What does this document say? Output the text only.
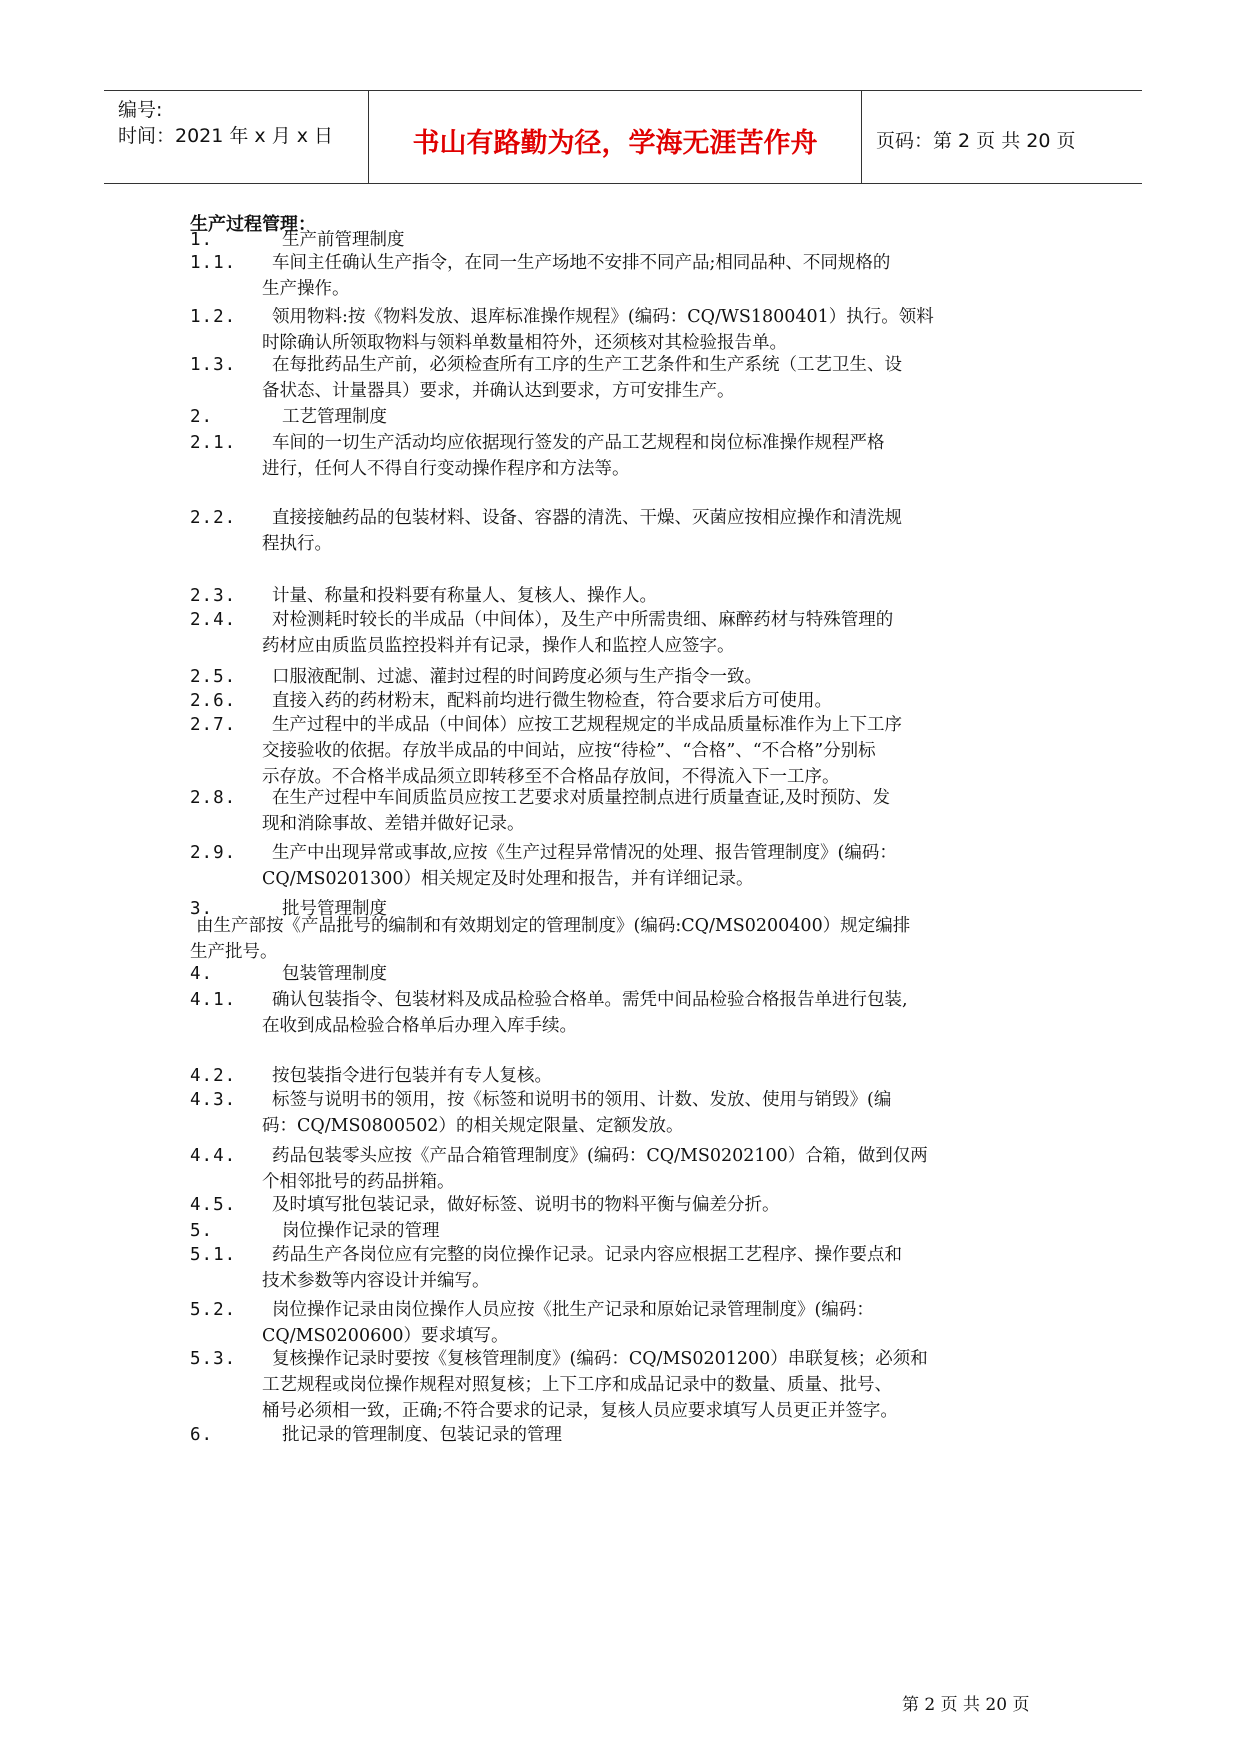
编号:
时间：2021 年 x 月 x 日	书山有路勤为径，学海无涯苦作舟	页码：第 2 页 共 20 页
生产过程管理：
1.	生产前管理制度
1.1. 车间主任确认生产指令，在同一生产场地不安排不同产品;相同品种、不同规格的
生产操作。
1.2. 领用物料:按《物料发放、退库标准操作规程》(编码：CQ/WS1800401）执行。领料
时除确认所领取物料与领料单数量相符外，还须核对其检验报告单。
1.3. 在每批药品生产前，必须检查所有工序的生产工艺条件和生产系统（工艺卫生、设
备状态、计量器具）要求，并确认达到要求，方可安排生产。
2.	工艺管理制度
2.1. 车间的一切生产活动均应依据现行签发的产品工艺规程和岗位标准操作规程严格
进行，任何人不得自行变动操作程序和方法等。
2.2. 直接接触药品的包装材料、设备、容器的清洗、干燥、灭菌应按相应操作和清洗规
程执行。
2.3. 计量、称量和投料要有称量人、复核人、操作人。
2.4. 对检测耗时较长的半成品（中间体），及生产中所需贵细、麻醉药材与特殊管理的
药材应由质监员监控投料并有记录，操作人和监控人应签字。
2.5. 口服液配制、过滤、灌封过程的时间跨度必须与生产指令一致。
2.6. 直接入药的药材粉末，配料前均进行微生物检查，符合要求后方可使用。
2.7. 生产过程中的半成品（中间体）应按工艺规程规定的半成品质量标准作为上下工序
交接验收的依据。存放半成品的中间站，应按“待检”、“合格”、“不合格”分别标
示存放。不合格半成品须立即转移至不合格品存放间，不得流入下一工序。
2.8. 在生产过程中车间质监员应按工艺要求对质量控制点进行质量查证,及时预防、发
现和消除事故、差错并做好记录。
2.9. 生产中出现异常或事故,应按《生产过程异常情况的处理、报告管理制度》(编码：
CQ/MS0201300）相关规定及时处理和报告，并有详细记录。
3.	批号管理制度
由生产部按《产品批号的编制和有效期划定的管理制度》(编码:CQ/MS0200400）规定编排
生产批号。
4.	包装管理制度
4.1. 确认包装指令、包装材料及成品检验合格单。需凭中间品检验合格报告单进行包装,
在收到成品检验合格单后办理入库手续。
4.2. 按包装指令进行包装并有专人复核。
4.3. 标签与说明书的领用，按《标签和说明书的领用、计数、发放、使用与销毁》(编
码：CQ/MS0800502）的相关规定限量、定额发放。
4.4. 药品包装零头应按《产品合箱管理制度》(编码：CQ/MS0202100）合箱，做到仅两
个相邻批号的药品拼箱。
4.5. 及时填写批包装记录，做好标签、说明书的物料平衡与偏差分折。
5.	岗位操作记录的管理
5.1. 药品生产各岗位应有完整的岗位操作记录。记录内容应根据工艺程序、操作要点和
技术参数等内容设计并编写。
5.2. 岗位操作记录由岗位操作人员应按《批生产记录和原始记录管理制度》(编码：
CQ/MS0200600）要求填写。
5.3. 复核操作记录时要按《复核管理制度》(编码：CQ/MS0201200）串联复核；必须和
工艺规程或岗位操作规程对照复核；上下工序和成品记录中的数量、质量、批号、
桶号必须相一致，正确;不符合要求的记录，复核人员应要求填写人员更正并签字。
6.	批记录的管理制度、包装记录的管理
第 2 页 共 20 页
